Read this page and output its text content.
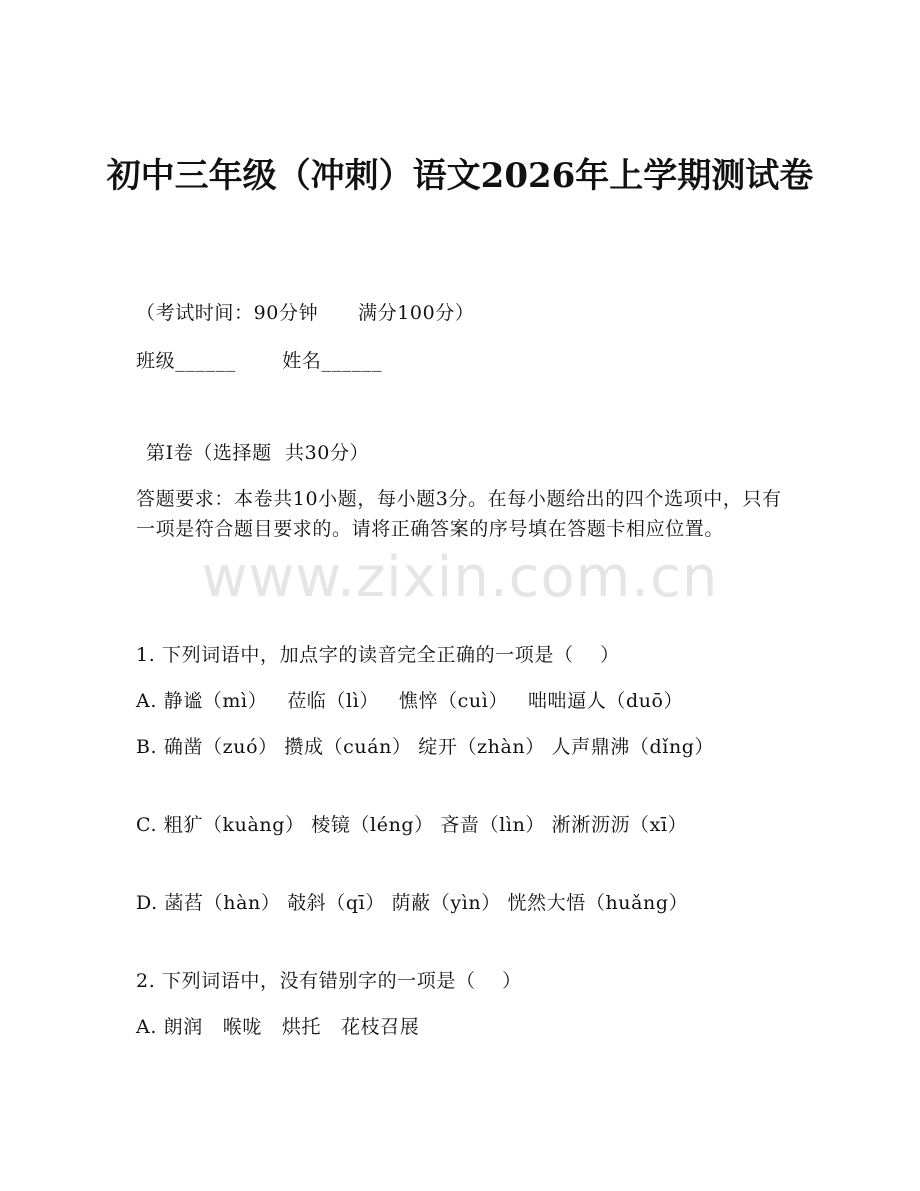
初中三年级（冲刺）语文2026年上学期测试卷
（考试时间：90分钟      满分100分）
班级______       姓名______
第I卷（选择题  共30分）
答题要求：本卷共10小题，每小题3分。在每小题给出的四个选项中，只有一项是符合题目要求的。请将正确答案的序号填在答题卡相应位置。
www.zixin.com.cn
1. 下列词语中，加点字的读音完全正确的一项是（    ）
A. 静谧（mì）   莅临（lì）   憔悴（cuì）   咄咄逼人（duō）
B. 确凿（zuó） 攒成（cuán） 绽开（zhàn） 人声鼎沸（dǐng）
C. 粗犷（kuàng） 棱镜（léng） 吝啬（lìn） 淅淅沥沥（xī）
D. 菡萏（hàn） 攲斜（qī） 荫蔽（yìn） 恍然大悟（huǎng）
2. 下列词语中，没有错别字的一项是（    ）
A. 朗润   喉咙   烘托   花枝召展
